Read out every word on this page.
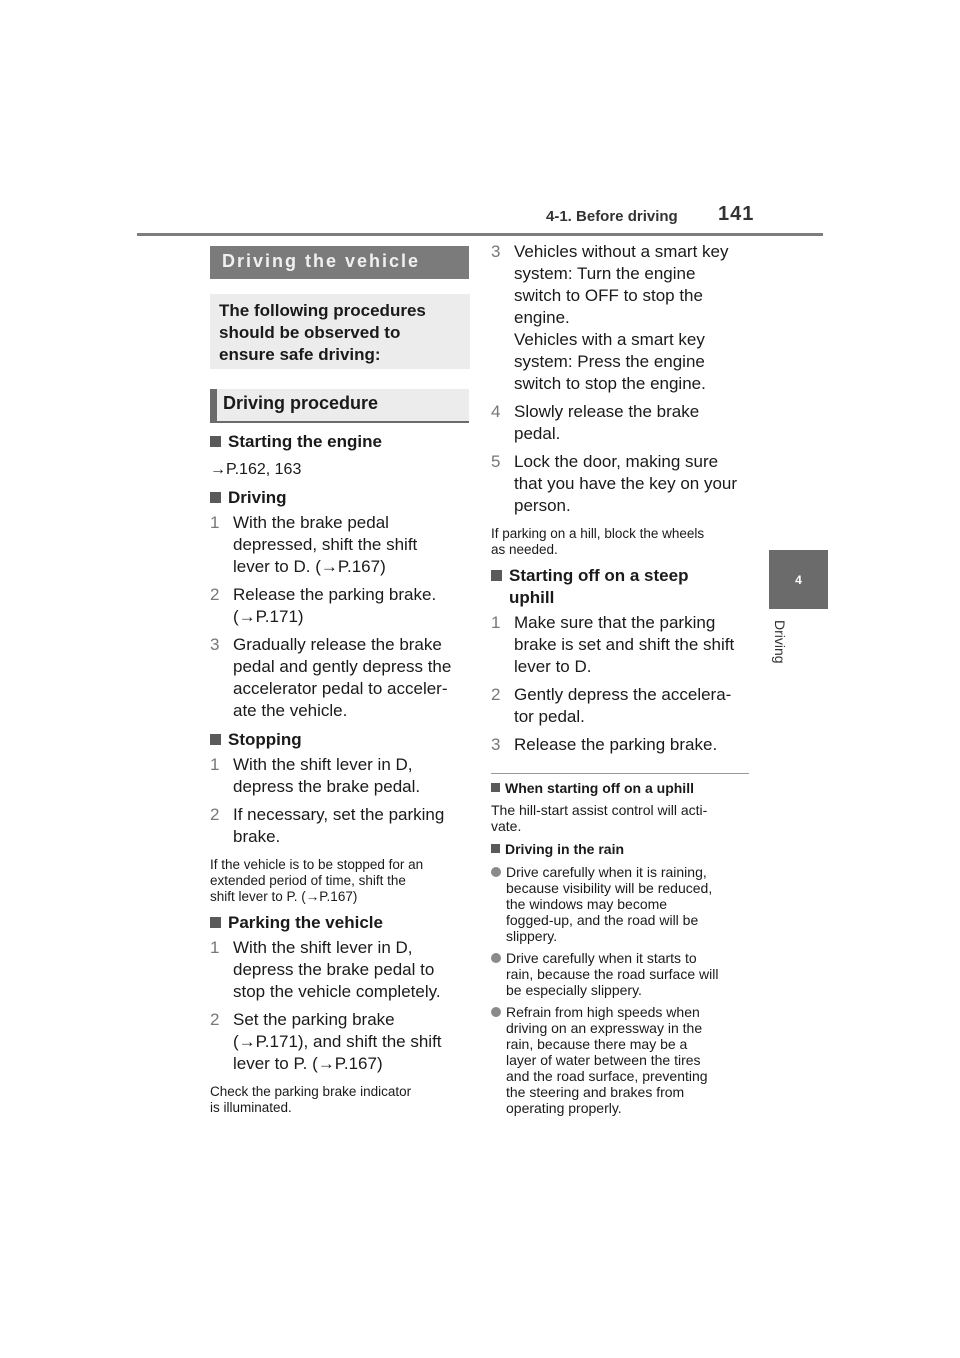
4-1. Before driving 141
4
Driving
Driving the vehicle
The following procedures
should be observed to
ensure safe driving:
Driving procedure
Starting the engine
→P.162, 163
Driving
1 With the brake pedal
depressed, shift the shift
lever to D. (→P.167)
2 Release the parking brake.
(→P.171)
3 Gradually release the brake
pedal and gently depress the
accelerator pedal to acceler-
ate the vehicle.
Stopping
1 With the shift lever in D,
depress the brake pedal.
2 If necessary, set the parking
brake.
If the vehicle is to be stopped for an
extended period of time, shift the
shift lever to P. (→P.167)
Parking the vehicle
1 With the shift lever in D,
depress the brake pedal to
stop the vehicle completely.
2 Set the parking brake
(→P.171), and shift the shift
lever to P. (→P.167)
Check the parking brake indicator
is illuminated.
3 Vehicles without a smart key
system: Turn the engine
switch to OFF to stop the
engine.
Vehicles with a smart key
system: Press the engine
switch to stop the engine.
4 Slowly release the brake
pedal.
5 Lock the door, making sure
that you have the key on your
person.
If parking on a hill, block the wheels
as needed.
Starting off on a steep
uphill
1 Make sure that the parking
brake is set and shift the shift
lever to D.
2 Gently depress the accelera-
tor pedal.
3 Release the parking brake.
When starting off on a uphill
The hill-start assist control will acti-
vate.
Driving in the rain
Drive carefully when it is raining,
because visibility will be reduced,
the windows may become
fogged-up, and the road will be
slippery.
Drive carefully when it starts to
rain, because the road surface will
be especially slippery.
Refrain from high speeds when
driving on an expressway in the
rain, because there may be a
layer of water between the tires
and the road surface, preventing
the steering and brakes from
operating properly.
